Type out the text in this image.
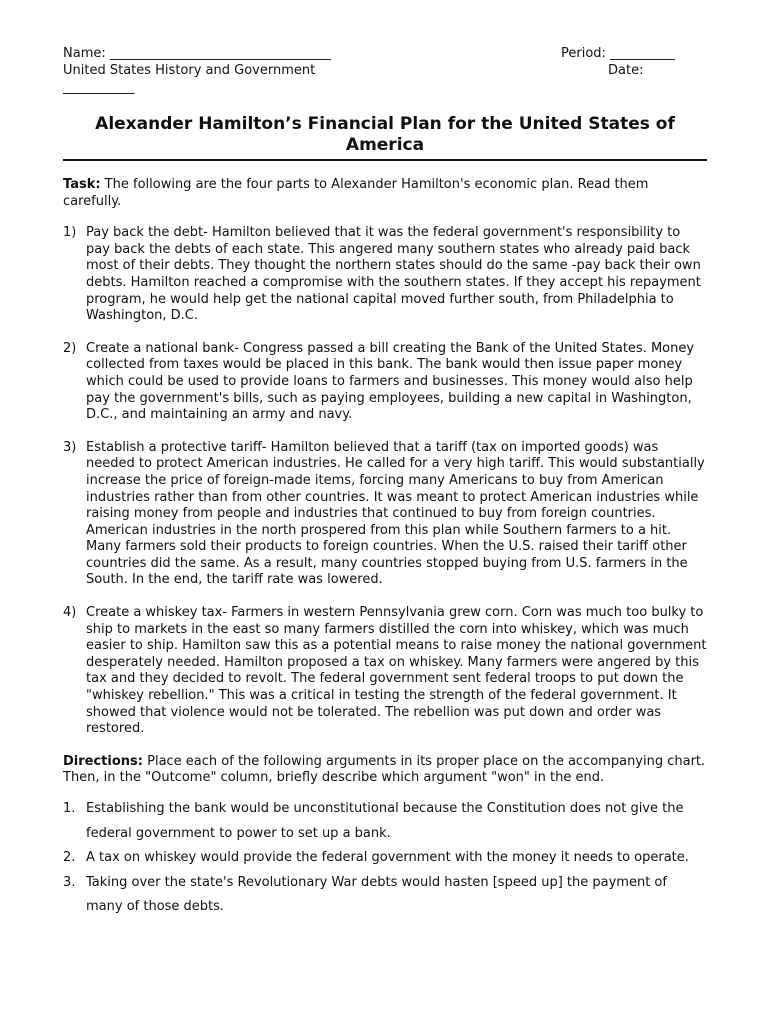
Name: __________________________________
United States History and Government
___________
Period: __________
Date:
Alexander Hamilton’s Financial Plan for the United States of America
Task: The following are the four parts to Alexander Hamilton's economic plan. Read them carefully.
1) Pay back the debt- Hamilton believed that it was the federal government's responsibility to pay back the debts of each state. This angered many southern states who already paid back most of their debts. They thought the northern states should do the same -pay back their own debts. Hamilton reached a compromise with the southern states. If they accept his repayment program, he would help get the national capital moved further south, from Philadelphia to Washington, D.C.
2) Create a national bank- Congress passed a bill creating the Bank of the United States. Money collected from taxes would be placed in this bank. The bank would then issue paper money which could be used to provide loans to farmers and businesses. This money would also help pay the government's bills, such as paying employees, building a new capital in Washington, D.C., and maintaining an army and navy.
3) Establish a protective tariff- Hamilton believed that a tariff (tax on imported goods) was needed to protect American industries. He called for a very high tariff. This would substantially increase the price of foreign-made items, forcing many Americans to buy from American industries rather than from other countries. It was meant to protect American industries while raising money from people and industries that continued to buy from foreign countries. American industries in the north prospered from this plan while Southern farmers to a hit. Many farmers sold their products to foreign countries. When the U.S. raised their tariff other countries did the same. As a result, many countries stopped buying from U.S. farmers in the South. In the end, the tariff rate was lowered.
4) Create a whiskey tax- Farmers in western Pennsylvania grew corn. Corn was much too bulky to ship to markets in the east so many farmers distilled the corn into whiskey, which was much easier to ship. Hamilton saw this as a potential means to raise money the national government desperately needed. Hamilton proposed a tax on whiskey. Many farmers were angered by this tax and they decided to revolt. The federal government sent federal troops to put down the "whiskey rebellion." This was a critical in testing the strength of the federal government. It showed that violence would not be tolerated. The rebellion was put down and order was restored.
Directions: Place each of the following arguments in its proper place on the accompanying chart. Then, in the "Outcome" column, briefly describe which argument "won" in the end.
1. Establishing the bank would be unconstitutional because the Constitution does not give the federal government to power to set up a bank.
2. A tax on whiskey would provide the federal government with the money it needs to operate.
3. Taking over the state's Revolutionary War debts would hasten [speed up] the payment of many of those debts.
